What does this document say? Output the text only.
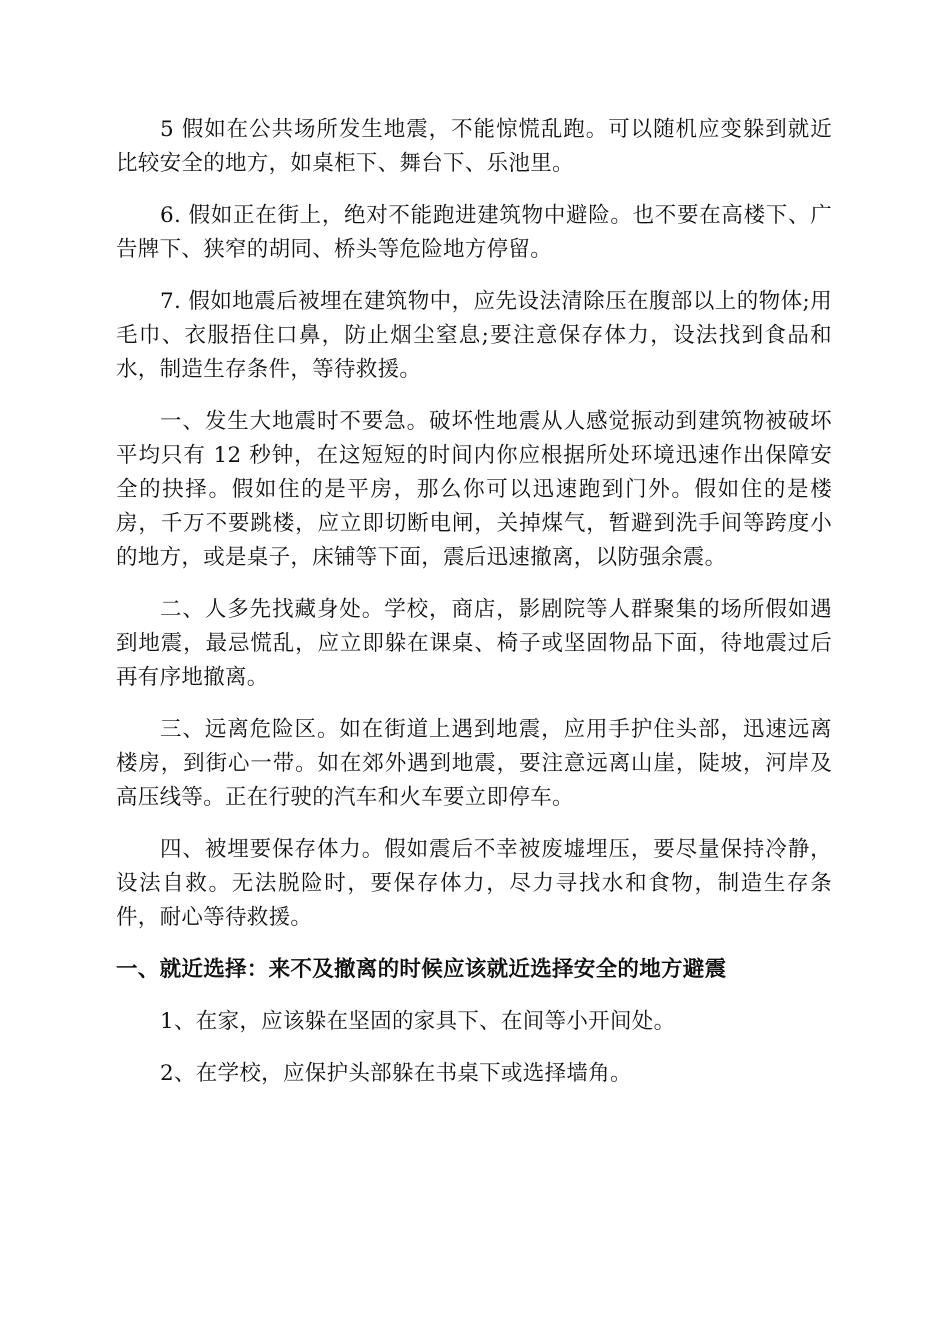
5 假如在公共场所发生地震，不能惊慌乱跑。可以随机应变躲到就近比较安全的地方，如桌柜下、舞台下、乐池里。

6. 假如正在街上，绝对不能跑进建筑物中避险。也不要在高楼下、广告牌下、狭窄的胡同、桥头等危险地方停留。

7. 假如地震后被埋在建筑物中，应先设法清除压在腹部以上的物体;用毛巾、衣服捂住口鼻，防止烟尘窒息;要注意保存体力，设法找到食品和水，制造生存条件，等待救援。

一、发生大地震时不要急。破坏性地震从人感觉振动到建筑物被破坏平均只有 12 秒钟，在这短短的时间内你应根据所处环境迅速作出保障安全的抉择。假如住的是平房，那么你可以迅速跑到门外。假如住的是楼房，千万不要跳楼，应立即切断电闸，关掉煤气，暂避到洗手间等跨度小的地方，或是桌子，床铺等下面，震后迅速撤离，以防强余震。

二、人多先找藏身处。学校，商店，影剧院等人群聚集的场所假如遇到地震，最忌慌乱，应立即躲在课桌、椅子或坚固物品下面，待地震过后再有序地撤离。

三、远离危险区。如在街道上遇到地震，应用手护住头部，迅速远离楼房，到街心一带。如在郊外遇到地震，要注意远离山崖，陡坡，河岸及高压线等。正在行驶的汽车和火车要立即停车。

四、被埋要保存体力。假如震后不幸被废墟埋压，要尽量保持冷静，设法自救。无法脱险时，要保存体力，尽力寻找水和食物，制造生存条件，耐心等待救援。

一、就近选择：来不及撤离的时候应该就近选择安全的地方避震

1、在家，应该躲在坚固的家具下、在间等小开间处。

2、在学校，应保护头部躲在书桌下或选择墙角。
